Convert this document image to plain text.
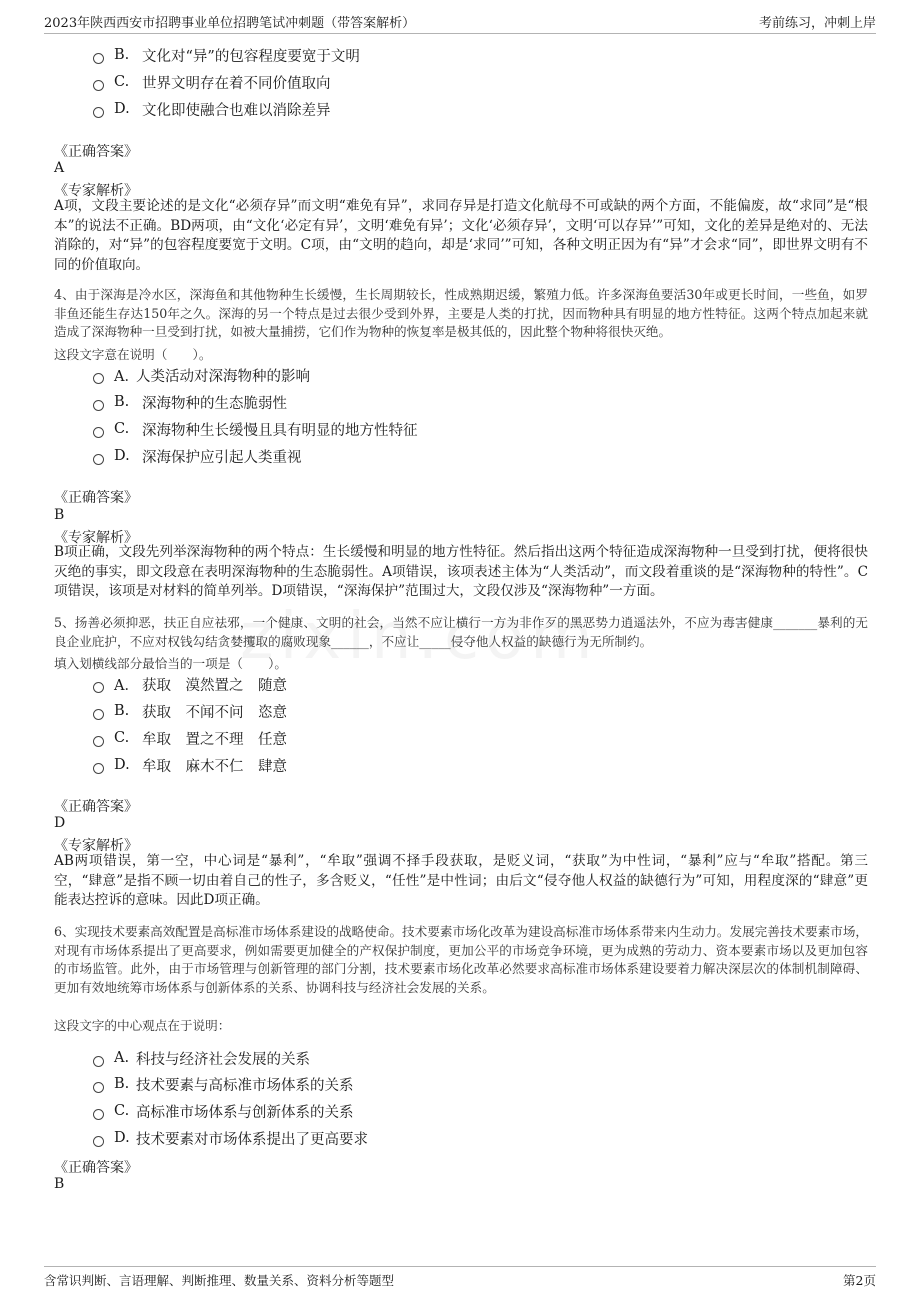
2023年陕西西安市招聘事业单位招聘笔试冲刺题（带答案解析）	考前练习，冲刺上岸
B. 文化对“异”的包容程度要宽于文明
C. 世界文明存在着不同价值取向
D. 文化即使融合也难以消除差异
《正确答案》
A
《专家解析》
A项，文段主要论述的是文化“必须存异”而文明“难免有异”，求同存异是打造文化航母不可或缺的两个方面，不能偏废，故“求同”是“根本”的说法不正确。BD两项，由“文化‘必定有异’，文明‘难免有异’；文化‘必须存异’，文明‘可以存异’”可知，文化的差异是绝对的、无法消除的，对“异”的包容程度要宽于文明。C项，由“文明的趋向，却是‘求同’”可知，各种文明正因为有“异”才会求“同”，即世界文明有不同的价值取向。
4、由于深海是冷水区，深海鱼和其他物种生长缓慢，生长周期较长，性成熟期迟缓，繁殖力低。许多深海鱼要活30年或更长时间，一些鱼，如罗非鱼还能生存达150年之久。深海的另一个特点是过去很少受到外界，主要是人类的打扰，因而物种具有明显的地方性特征。这两个特点加起来就造成了深海物种一旦受到打扰，如被大量捕捞，它们作为物种的恢复率是极其低的，因此整个物种将很快灭绝。
这段文字意在说明（　　）。
A．
人类活动对深海物种的影响
B. 深海物种的生态脆弱性
C. 深海物种生长缓慢且具有明显的地方性特征
D. 深海保护应引起人类重视
《正确答案》
B
《专家解析》
B项正确，文段先列举深海物种的两个特点：生长缓慢和明显的地方性特征。然后指出这两个特征造成深海物种一旦受到打扰，便将很快灭绝的事实，即文段意在表明深海物种的生态脆弱性。A项错误，该项表述主体为“人类活动”，而文段着重谈的是“深海物种的特性”。C项错误，该项是对材料的简单列举。D项错误，“深海保护”范围过大，文段仅涉及“深海物种”一方面。
5、扬善必须抑恶，扶正自应祛邪，一个健康、文明的社会，当然不应让横行一方为非作歹的黑恶势力逍遥法外，不应为毒害健康_______暴利的无良企业庇护，不应对权钱勾结贪婪攫取的腐败现象______，不应让_____侵夺他人权益的缺德行为无所制约。
填入划横线部分最恰当的一项是（　　）。
A． 获取　漠然置之　随意
B. 获取　不闻不问　恣意
C. 牟取　置之不理　任意
D. 牟取　麻木不仁　肆意
《正确答案》
D
《专家解析》
AB两项错误，第一空，中心词是“暴利”，“牟取”强调不择手段获取，是贬义词，“获取”为中性词，“暴利”应与“牟取”搭配。第三空，“肆意”是指不顾一切由着自己的性子，多含贬义，“任性”是中性词；由后文“侵夺他人权益的缺德行为”可知，用程度深的“肆意”更能表达控诉的意味。因此D项正确。
6、实现技术要素高效配置是高标准市场体系建设的战略使命。技术要素市场化改革为建设高标准市场体系带来内生动力。发展完善技术要素市场，对现有市场体系提出了更高要求，例如需要更加健全的产权保护制度，更加公平的市场竞争环境，更为成熟的劳动力、资本要素市场以及更加包容的市场监管。此外，由于市场管理与创新管理的部门分割，技术要素市场化改革必然要求高标准市场体系建设要着力解决深层次的体制机制障碍、更加有效地统筹市场体系与创新体系的关系、协调科技与经济社会发展的关系。
这段文字的中心观点在于说明：
A. 科技与经济社会发展的关系
B. 技术要素与高标准市场体系的关系
C. 高标准市场体系与创新体系的关系
D. 技术要素对市场体系提出了更高要求
《正确答案》
B
含常识判断、言语理解、判断推理、数量关系、资料分析等题型	第2页
